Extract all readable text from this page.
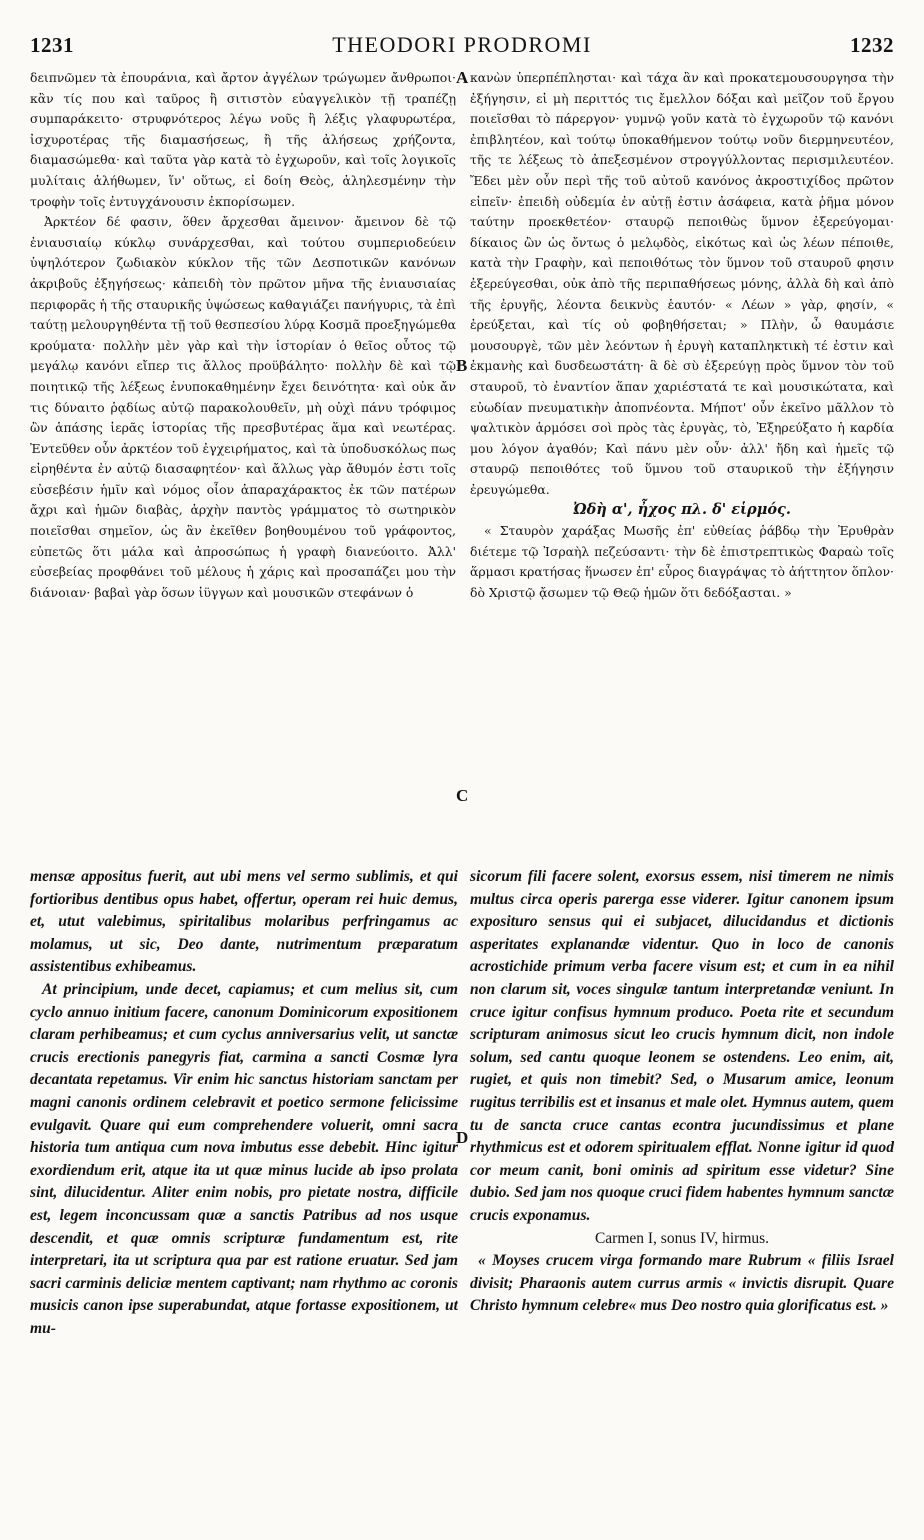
1231	THEODORI PRODROMI	1232
A
B
C
D

δειπνῶμεν τὰ ἐπουράνια, καὶ ἄρτον ἀγγέλων τρώγωμεν ἄνθρωποι· κἂν τίς που καὶ ταῦρος ἢ σιτιστὸν εὐαγγελικὸν τῇ τραπέζῃ συμπαράκειτο· στρυφνότερος λέγω νοῦς ἢ λέξις γλαφυρωτέρα, ἰσχυροτέρας τῆς διαμασήσεως, ἢ τῆς ἀλήσεως χρήζοντα, διαμασώμεθα· καὶ ταῦτα γὰρ κατὰ τὸ ἐγχωροῦν, καὶ τοῖς λογικοῖς μυλίταις ἀλήθωμεν, ἵν' οὕτως, εἰ δοίη Θεὸς, ἀληλεσμένην τὴν τροφὴν τοῖς ἐντυγχάνουσιν ἐκπορίσωμεν.

Ἀρκτέον δέ φασιν, ὅθεν ἄρχεσθαι ἄμεινον· ἄμεινον δὲ τῷ ἐνιαυσιαίῳ κύκλῳ συνάρχεσθαι, καὶ τούτου συμπεριοδεύειν ὑψηλότερον ζωδιακὸν κύκλον τῆς τῶν Δεσποτικῶν κανόνων ἀκριβοῦς ἐξηγήσεως· κἀπειδὴ τὸν πρῶτον μῆνα τῆς ἐνιαυσιαίας περιφορᾶς ἡ τῆς σταυρικῆς ὑψώσεως καθαγιάζει πανήγυρις, τὰ ἐπὶ ταύτῃ μελουργηθέντα τῇ τοῦ θεσπεσίου λύρᾳ Κοσμᾶ προεξηγώμεθα κρούματα· πολλὴν μὲν γὰρ καὶ τὴν ἱστορίαν ὁ θεῖος οὗτος τῷ μεγάλῳ κανόνι εἴπερ τις ἄλλος προϋβάλητο· πολλὴν δὲ καὶ τῷ ποιητικῷ τῆς λέξεως ἐνυποκαθημένην ἔχει δεινότητα· καὶ οὐκ ἄν τις δύναιτο ῥᾳδίως αὐτῷ παρακολουθεῖν, μὴ οὐχὶ πάνυ τρόφιμος ὢν ἁπάσης ἱερᾶς ἱστορίας τῆς πρεσβυτέρας ἅμα καὶ νεωτέρας. Ἐντεῦθεν οὖν ἀρκτέον τοῦ ἐγχειρήματος, καὶ τὰ ὑποδυσκόλως πως εἰρηθέντα ἐν αὐτῷ διασαφητέον· καὶ ἄλλως γὰρ ἄθυμόν ἐστι τοῖς εὐσεβέσιν ἡμῖν καὶ νόμος οἷον ἀπαραχάρακτος ἐκ τῶν πατέρων ἄχρι καὶ ἡμῶν διαβὰς, ἀρχὴν παντὸς γράμματος τὸ σωτηρικὸν ποιεῖσθαι σημεῖον, ὡς ἂν ἐκεῖθεν βοηθουμένου τοῦ γράφοντος, εὐπετῶς ὅτι μάλα καὶ ἀπροσώπως ἡ γραφὴ διανεύοιτο. Ἀλλ' εὐσεβείας προφθάνει τοῦ μέλους ἡ χάρις καὶ προσαπάζει μου τὴν διάνοιαν· βαβαὶ γὰρ ὅσων ἰϋγγων καὶ μουσικῶν στεφάνων ὁ

κανὼν ὑπερπέπλησται· καὶ τάχα ἂν καὶ προκατεμουσουργησα τὴν ἐξήγησιν, εἰ μὴ περιττός τις ἔμελλον δόξαι καὶ μεῖζον τοῦ ἔργου ποιεῖσθαι τὸ πάρεργον· γυμνῷ γοῦν κατὰ τὸ ἐγχωροῦν τῷ κανόνι ἐπιβλητέον, καὶ τούτῳ ὑποκαθήμενον τούτῳ νοῦν διερμηνευτέον, τῆς τε λέξεως τὸ ἀπεξεσμένον στρογγύλλοντας περισμιλευτέον. Ἔδει μὲν οὖν περὶ τῆς τοῦ αὐτοῦ κανόνος ἀκροστιχίδος πρῶτον εἰπεῖν· ἐπειδὴ οὐδεμία ἐν αὐτῇ ἐστιν ἀσάφεια, κατὰ ῥῆμα μόνον ταύτην προεκθετέον· σταυρῷ πεποιθὼς ὕμνον ἐξερεύγομαι· δίκαιος ὢν ὡς ὄντως ὁ μελῳδὸς, εἰκότως καὶ ὡς λέων πέποιθε, κατὰ τὴν Γραφὴν, καὶ πεποιθότως τὸν ὕμνον τοῦ σταυροῦ φησιν ἐξερεύγεσθαι, οὐκ ἀπὸ τῆς περιπαθήσεως μόνης, ἀλλὰ δὴ καὶ ἀπὸ τῆς ἐρυγῆς, λέοντα δεικνὺς ἑαυτόν· « Λέων » γὰρ, φησίν, « ἐρεύξεται, καὶ τίς οὐ φοβηθήσεται; » Πλὴν, ὦ θαυμάσιε μουσουργὲ, τῶν μὲν λεόντων ἡ ἐρυγὴ καταπληκτικὴ τέ ἐστιν καὶ ἐκμανὴς καὶ δυσδεωστάτη· ἃ δὲ σὺ ἐξερεύγῃ πρὸς ὕμνον τὸν τοῦ σταυροῦ, τὸ ἐναντίον ἅπαν χαριέστατά τε καὶ μουσικώτατα, καὶ εὐωδίαν πνευματικὴν ἀποπνέοντα. Μήποτ' οὖν ἐκεῖνο μᾶλλον τὸ ψαλτικὸν ἁρμόσει σοὶ πρὸς τὰς ἐρυγὰς, τὸ, Ἐξηρεύξατο ἡ καρδία μου λόγον ἀγαθόν; Καὶ πάνυ μὲν οὖν· ἀλλ' ἤδη καὶ ἡμεῖς τῷ σταυρῷ πεποιθότες τοῦ ὕμνου τοῦ σταυρικοῦ τὴν ἐξήγησιν ἐρευγώμεθα.

Ὠδὴ α', ἦχος πλ. δ' εἱρμός.

« Σταυρὸν χαράξας Μωσῆς ἐπ' εὐθείας ῥάβδῳ τὴν Ἐρυθρὰν διέτεμε τῷ Ἰσραὴλ πεζεύσαντι· τὴν δὲ ἐπιστρεπτικὼς Φαραὼ τοῖς ἅρμασι κρατήσας ἥνωσεν ἐπ' εὖρος διαγράψας τὸ ἀήττητον ὅπλον· δὸ Χριστῷ ᾄσωμεν τῷ Θεῷ ἡμῶν ὅτι δεδόξασται. »

mensæ appositus fuerit, aut ubi mens vel sermo sublimis, et qui fortioribus dentibus opus habet, offertur, operam rei huic demus, et, utut valebimus, spiritalibus molaribus perfringamus ac molamus, ut sic, Deo dante, nutrimentum præparatum assistentibus exhibeamus.

At principium, unde decet, capiamus; et cum melius sit, cum cyclo annuo initium facere, canonum Dominicorum expositionem claram perhibeamus; et cum cyclus anniversarius velit, ut sanctæ crucis erectionis panegyris fiat, carmina a sancti Cosmæ lyra decantata repetamus. Vir enim hic sanctus historiam sanctam per magni canonis ordinem celebravit et poetico sermone felicissime evulgavit. Quare qui eum comprehendere voluerit, omni sacra historia tum antiqua cum nova imbutus esse debebit. Hinc igitur exordiendum erit, atque ita ut quæ minus lucide ab ipso prolata sint, dilucidentur. Aliter enim nobis, pro pietate nostra, difficile est, legem inconcussam quæ a sanctis Patribus ad nos usque descendit, et quæ omnis scripturæ fundamentum est, rite interpretari, ita ut scriptura qua par est ratione eruatur. Sed jam sacri carminis deliciæ mentem captivant; nam rhythmo ac coronis musicis canon ipse superabundat, atque fortasse expositionem, ut mu-

sicorum fili facere solent, exorsus essem, nisi timerem ne nimis multus circa operis parerga esse viderer. Igitur canonem ipsum expositurο sensus qui ei subjacet, dilucidandus et dictionis asperitates explanandæ videntur. Quo in loco de canonis acrostichide primum verba facere visum est; et cum in ea nihil non clarum sit, voces singulæ tantum interpretandæ veniunt. In cruce igitur confisus hymnum produco. Poeta rite et secundum scripturam animosus sicut leo crucis hymnum dicit, non indole solum, sed cantu quoque leonem se ostendens. Leo enim, ait, rugiet, et quis non timebit? Sed, o Musarum amice, leonum rugitus terribilis est et insanus et male olet. Hymnus autem, quem tu de sancta cruce cantas econtra jucundissimus et plane rhythmicus est et odorem spiritualem efflat. Nonne igitur id quod cor meum canit, boni ominis ad spiritum esse videtur? Sine dubio. Sed jam nos quoque cruci fidem habentes hymnum sanctæ crucis exponamus.

Carmen I, sonus IV, hirmus.

« Moyses crucem virga formando mare Rubrum « filiis Israel divisit; Pharaonis autem currus armis « invictis disrupit. Quare Christo hymnum celebre« mus Deo nostro quia glorificatus est. »
